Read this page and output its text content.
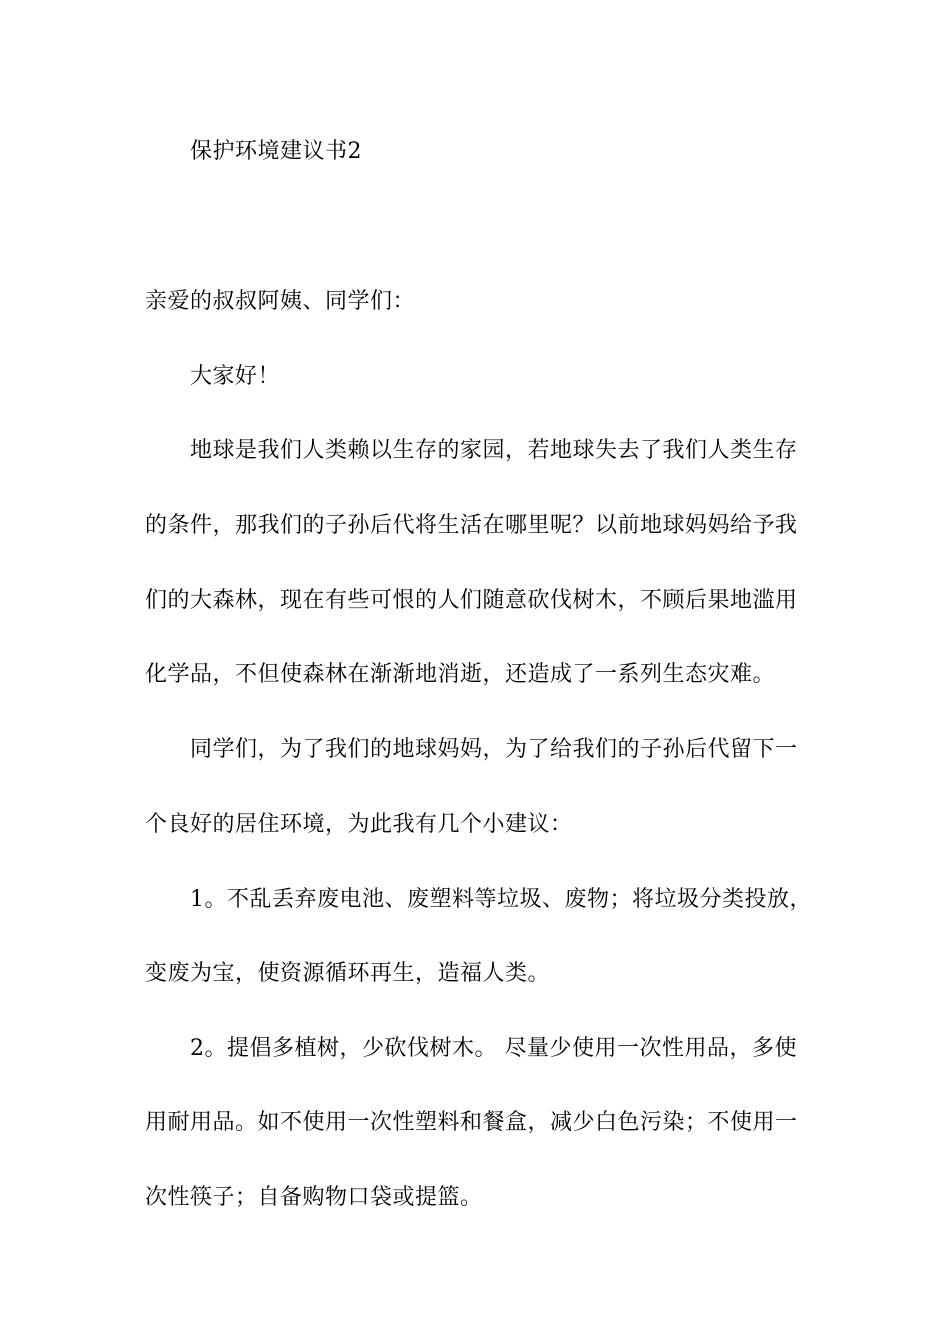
保护环境建议书2
亲爱的叔叔阿姨、同学们：
大家好！
地球是我们人类赖以生存的家园，若地球失去了我们人类生存
的条件，那我们的子孙后代将生活在哪里呢？以前地球妈妈给予我
们的大森林，现在有些可恨的人们随意砍伐树木，不顾后果地滥用
化学品，不但使森林在渐渐地消逝，还造成了一系列生态灾难。
同学们，为了我们的地球妈妈，为了给我们的子孙后代留下一
个良好的居住环境，为此我有几个小建议：
1。不乱丢弃废电池、废塑料等垃圾、废物；将垃圾分类投放，
变废为宝，使资源循环再生，造福人类。
2。提倡多植树，少砍伐树木。 尽量少使用一次性用品，多使
用耐用品。如不使用一次性塑料和餐盒，减少白色污染；不使用一
次性筷子；自备购物口袋或提篮。
